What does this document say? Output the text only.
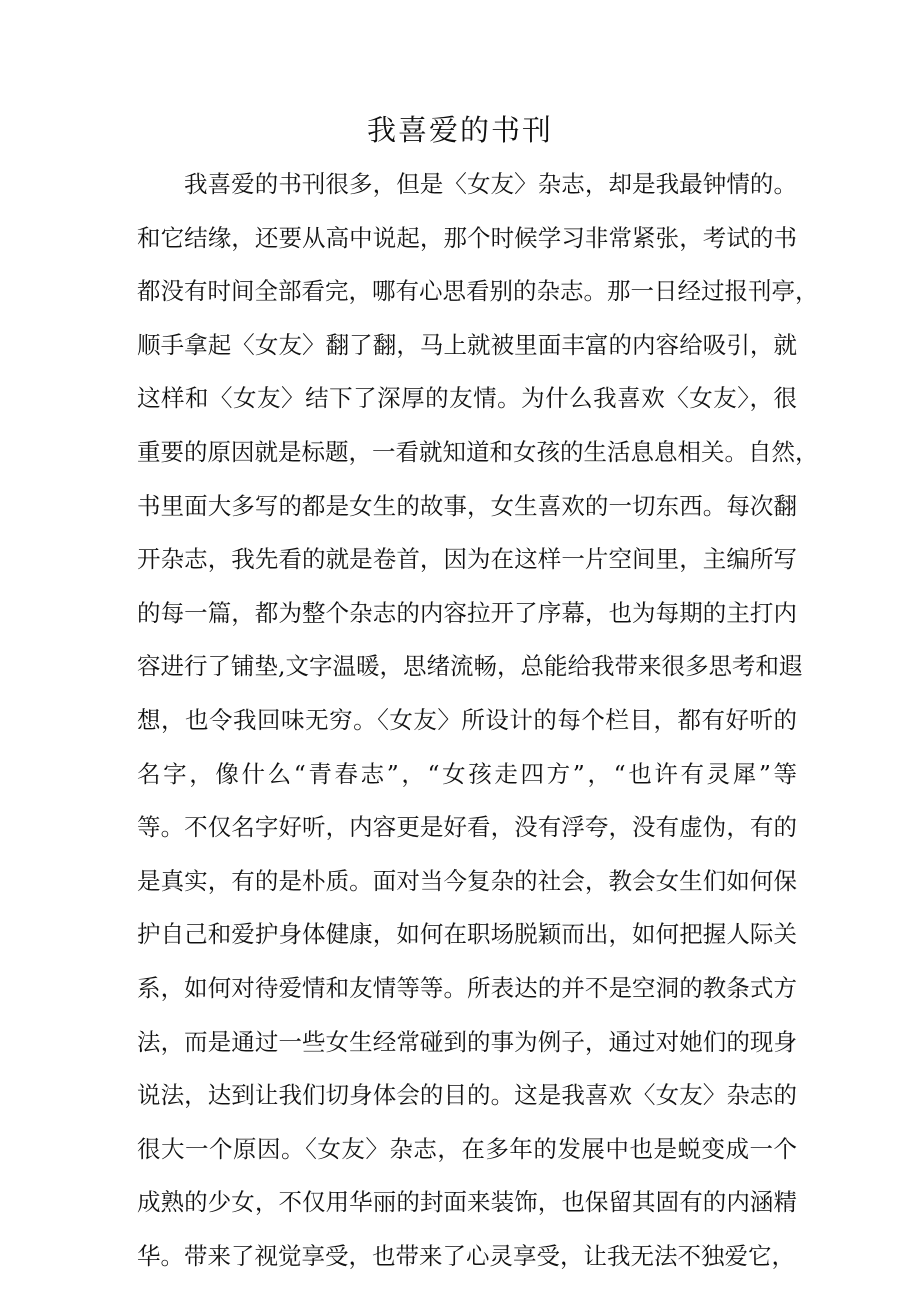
我喜爱的书刊
我喜爱的书刊很多，但是〈女友〉杂志，却是我最钟情的。
和它结缘，还要从高中说起，那个时候学习非常紧张，考试的书
都没有时间全部看完，哪有心思看别的杂志。那一日经过报刊亭，
顺手拿起〈女友〉翻了翻，马上就被里面丰富的内容给吸引，就
这样和〈女友〉结下了深厚的友情。为什么我喜欢〈女友〉，很
重要的原因就是标题，一看就知道和女孩的生活息息相关。自然，
书里面大多写的都是女生的故事，女生喜欢的一切东西。每次翻
开杂志，我先看的就是卷首，因为在这样一片空间里，主编所写
的每一篇，都为整个杂志的内容拉开了序幕，也为每期的主打内
容进行了铺垫,文字温暖，思绪流畅，总能给我带来很多思考和遐
想，也令我回味无穷。〈女友〉所设计的每个栏目，都有好听的
名字，像什么“青春志”，“女孩走四方”，“也许有灵犀”等
等。不仅名字好听，内容更是好看，没有浮夸，没有虚伪，有的
是真实，有的是朴质。面对当今复杂的社会，教会女生们如何保
护自己和爱护身体健康，如何在职场脱颖而出，如何把握人际关
系，如何对待爱情和友情等等。所表达的并不是空洞的教条式方
法，而是通过一些女生经常碰到的事为例子，通过对她们的现身
说法，达到让我们切身体会的目的。这是我喜欢〈女友〉杂志的
很大一个原因。〈女友〉杂志，在多年的发展中也是蜕变成一个
成熟的少女，不仅用华丽的封面来装饰，也保留其固有的内涵精
华。带来了视觉享受，也带来了心灵享受，让我无法不独爱它，
